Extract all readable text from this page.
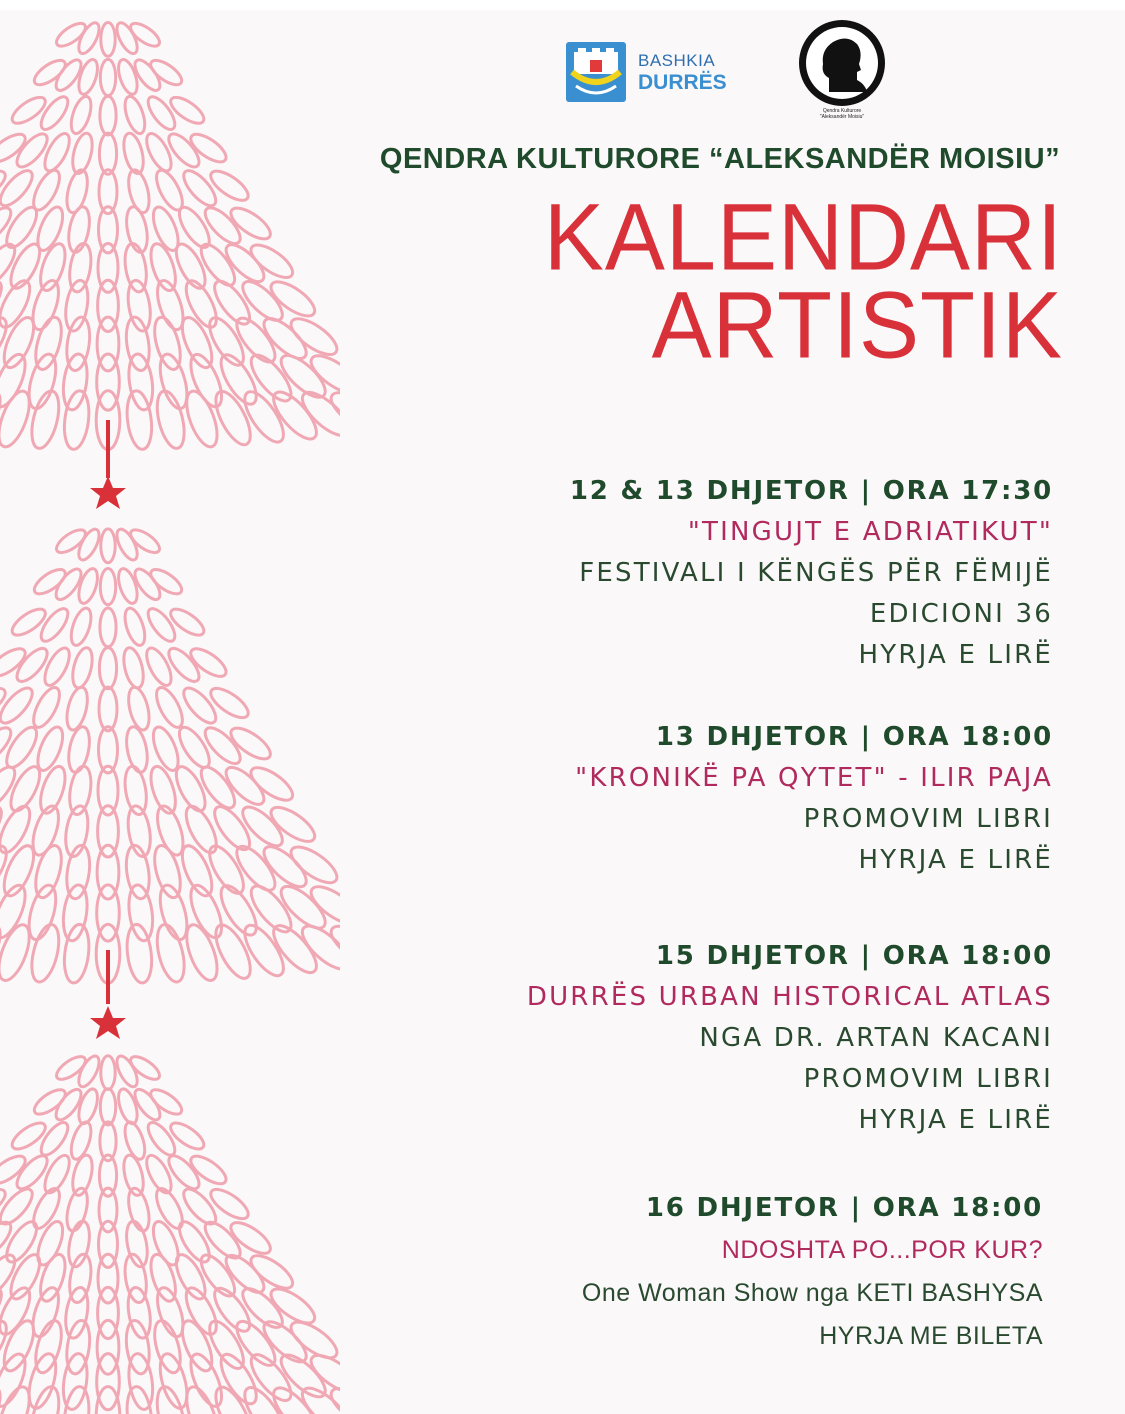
BASHKIA
DURRËS
Qendra Kulturore
"Aleksandër Moisiu"
QENDRA KULTURORE “ALEKSANDËR MOISIU”
KALENDARI
ARTISTIK
12 & 13 DHJETOR | ORA 17:30
"TINGUJT E ADRIATIKUT"
FESTIVALI I KËNGËS PËR FËMIJË
EDICIONI 36
HYRJA E LIRË
13 DHJETOR | ORA 18:00
"KRONIKË PA QYTET" - ILIR PAJA
PROMOVIM LIBRI
HYRJA E LIRË
15 DHJETOR | ORA 18:00
DURRËS URBAN HISTORICAL ATLAS
NGA DR. ARTAN KACANI
PROMOVIM LIBRI
HYRJA E LIRË
16 DHJETOR | ORA 18:00
NDOSHTA PO...POR KUR?
One Woman Show nga KETI BASHYSA
HYRJA ME BILETA
